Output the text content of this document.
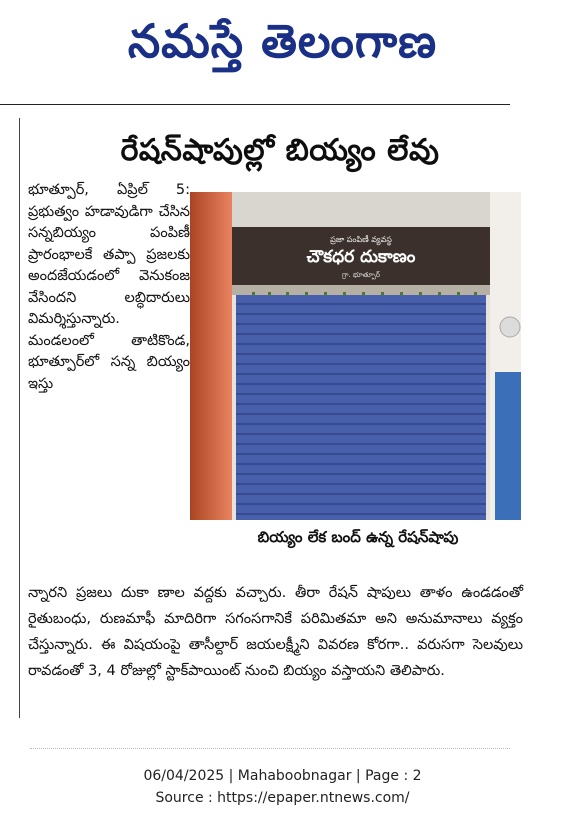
నమస్తే తెలంగాణ
రేషన్‌షాపుల్లో బియ్యం లేవు

భూత్పూర్, ఏప్రిల్ 5: ప్రభుత్వం హడావుడిగా చేసిన సన్నబియ్యం పంపిణీ ప్రారంభాలకే తప్పా ప్రజలకు అందజేయడంలో వెనుకంజ వేసిందని లబ్ధిదారులు విమర్శిస్తున్నారు. మండలంలో తాటికొండ, భూత్పూర్‌లో సన్న బియ్యం ఇస్తు

ప్రజా పంపిణీ వ్యవస్థ
చౌకధర దుకాణం
గ్రా. భూత్పూర్
బియ్యం లేక బంద్ ఉన్న రేషన్‌షాపు

న్నారని ప్రజలు దుకా ణాల వద్దకు వచ్చారు. తీరా రేషన్ షాపులు తాళం ఉండడంతో రైతుబంధు, రుణమాఫీ మాదిరిగా సగంసగానికే పరిమితమా అని అనుమానాలు వ్యక్తం చేస్తున్నారు. ఈ విషయంపై తాసీల్దార్ జయలక్ష్మీని వివరణ కోరగా.. వరుసగా సెలవులు రావడంతో 3, 4 రోజుల్లో స్టాక్‌పాయింట్ నుంచి బియ్యం వస్తాయని తెలిపారు.

06/04/2025 | Mahaboobnagar | Page : 2
Source : https://epaper.ntnews.com/
